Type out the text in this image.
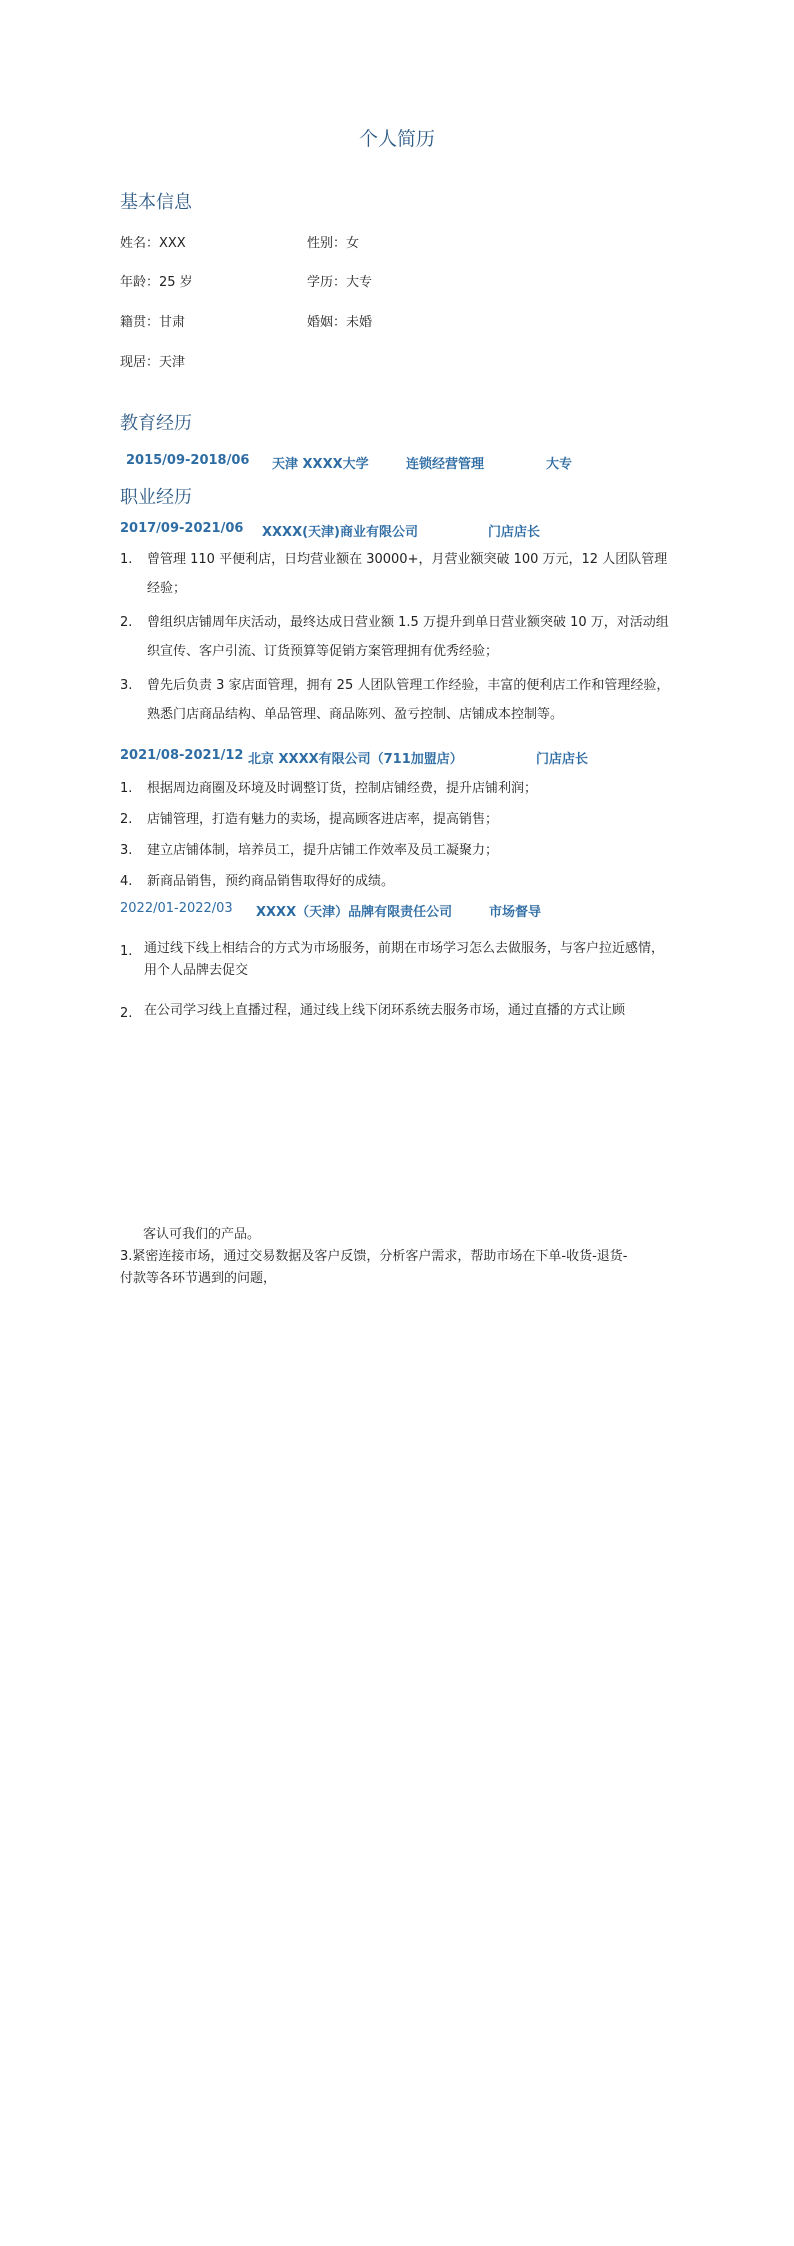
个人简历
基本信息
姓名：XXX	性别：女
年龄：25 岁	学历：大专
籍贯：甘肃	婚姻：未婚
现居：天津
教育经历
2015/09-2018/06 天津 XXXX大学	连锁经营管理	大专
职业经历
2017/09-2021/06 XXXX(天津)商业有限公司	门店店长
1. 曾管理 110 平便利店，日均营业额在 30000+，月营业额突破 100 万元，12 人团队管理经验；
2. 曾组织店铺周年庆活动，最终达成日营业额 1.5 万提升到单日营业额突破 10 万，对活动组织宣传、客户引流、订货预算等促销方案管理拥有优秀经验；
3. 曾先后负责 3 家店面管理，拥有 25 人团队管理工作经验，丰富的便利店工作和管理经验，熟悉门店商品结构、单品管理、商品陈列、盈亏控制、店铺成本控制等。
2021/08-2021/12 北京 XXXX有限公司（711加盟店）	门店店长
1. 根据周边商圈及环境及时调整订货，控制店铺经费，提升店铺利润；
2. 店铺管理，打造有魅力的卖场，提高顾客进店率，提高销售；
3. 建立店铺体制，培养员工，提升店铺工作效率及员工凝聚力；
4. 新商品销售，预约商品销售取得好的成绩。
2022/01-2022/03 XXXX（天津）品牌有限责任公司	市场督导
1. 通过线下线上相结合的方式为市场服务，前期在市场学习怎么去做服务，与客户拉近感情，用个人品牌去促交
2. 在公司学习线上直播过程，通过线上线下闭环系统去服务市场，通过直播的方式让顾
客认可我们的产品。
3.紧密连接市场，通过交易数据及客户反馈，分析客户需求，帮助市场在下单-收货-退货-
付款等各环节遇到的问题，
